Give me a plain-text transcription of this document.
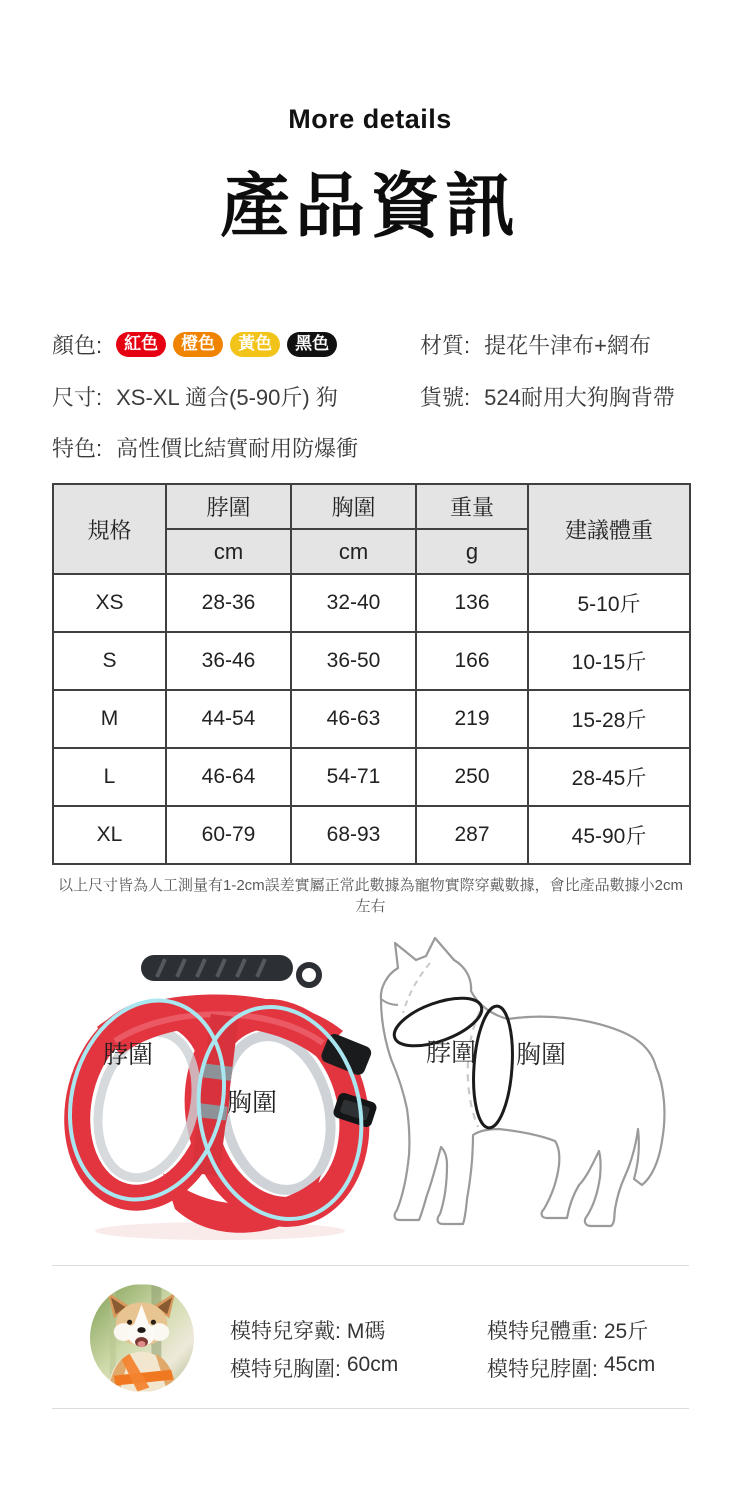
More details
產品資訊
顏色:	紅色	橙色	黃色	黑色	材質: 提花牛津布+網布
尺寸: XS-XL 適合(5-90斤) 狗	貨號: 524耐用大狗胸背帶
特色: 高性價比結實耐用防爆衝
規格	脖圍	胸圍	重量	建議體重
	cm	cm	g	
XS	28-36	32-40	136	5-10斤
S	36-46	36-50	166	10-15斤
M	44-54	46-63	219	15-28斤
L	46-64	54-71	250	28-45斤
XL	60-79	68-93	287	45-90斤
以上尺寸皆為人工測量有1-2cm誤差實屬正常此數據為寵物實際穿戴數據，會比產品數據小2cm左右
脖圍
胸圍
脖圍 胸圍
模特兒穿戴: M碼
模特兒胸圍: 60cm
模特兒體重: 25斤
模特兒脖圍: 45cm
